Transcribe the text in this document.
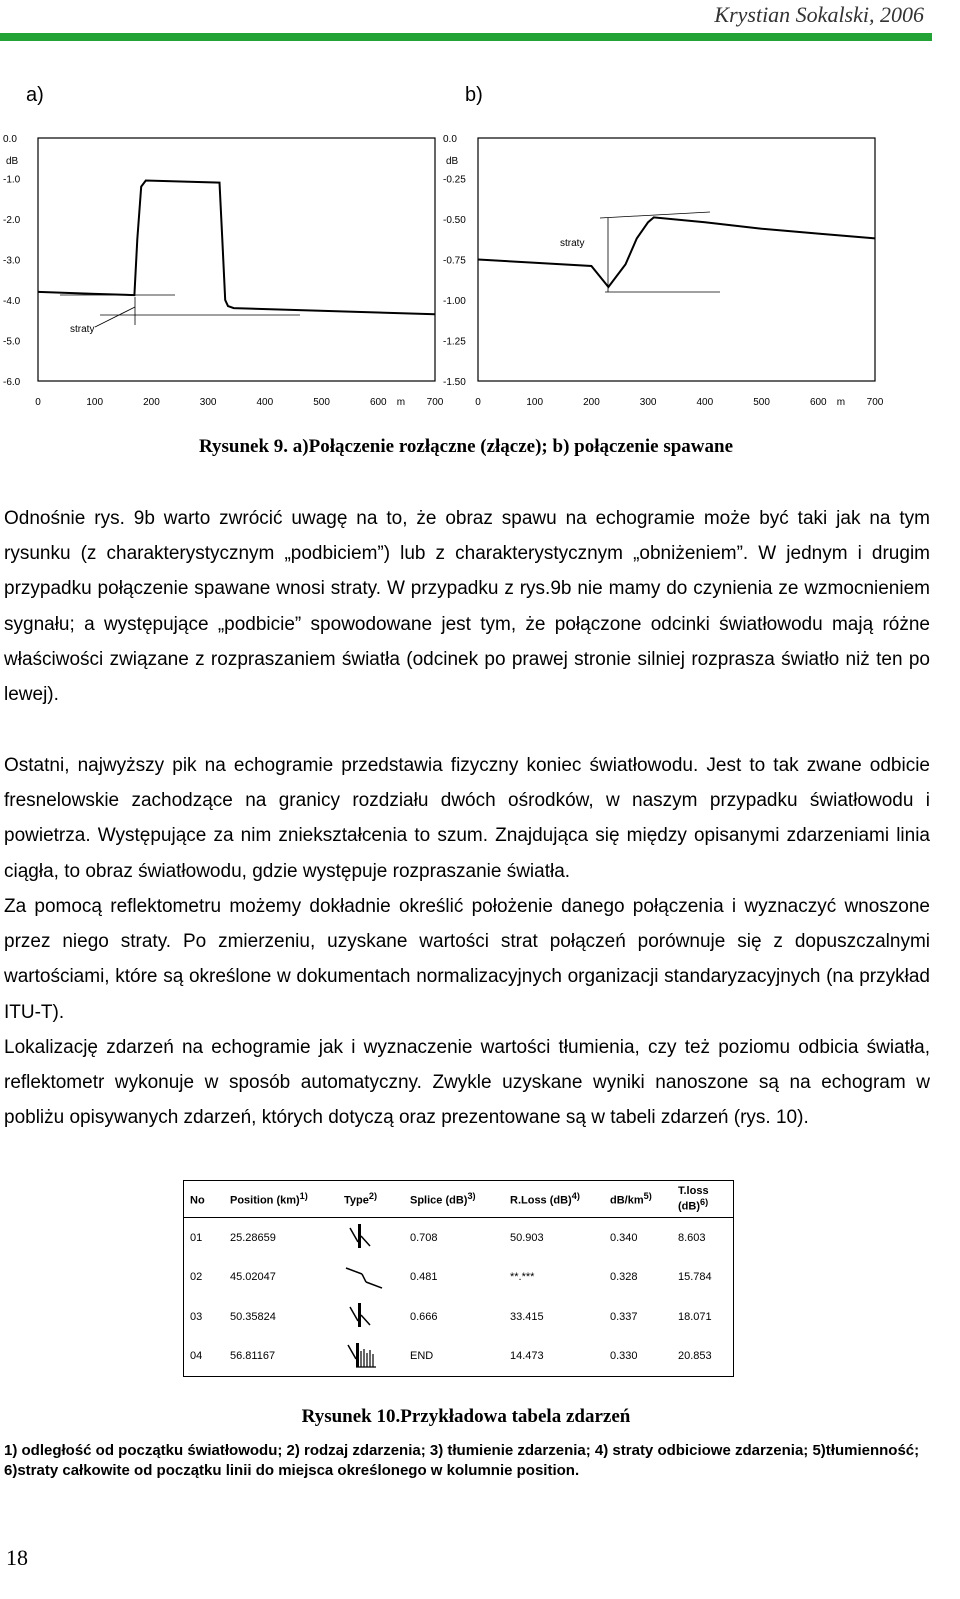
Krystian Sokalski, 2006
a)	b)
0.0
-1.0
-2.0
-3.0
-4.0
-5.0
-6.0
dB
0	100	200	300	400	500	600	700
m
straty
0.0
-0.25
-0.50
-0.75
-1.00
-1.25
-1.50
dB
0	100	200	300	400	500	600	700
m
straty
Rysunek 9. a)Połączenie rozłączne (złącze); b) połączenie spawane

Odnośnie rys. 9b warto zwrócić uwagę na to, że obraz spawu na echogramie może być taki jak na tym rysunku (z charakterystycznym „podbiciem”) lub z charakterystycznym „obniżeniem”. W jednym i drugim przypadku połączenie spawane wnosi straty. W przypadku z rys.9b nie mamy do czynienia ze wzmocnieniem sygnału; a występujące „podbicie” spowodowane jest tym, że połączone odcinki światłowodu mają różne właściwości związane z rozpraszaniem światła (odcinek po prawej stronie silniej rozprasza światło niż ten po lewej).

Ostatni, najwyższy pik na echogramie przedstawia fizyczny koniec światłowodu. Jest to tak zwane odbicie fresnelowskie zachodzące na granicy rozdziału dwóch ośrodków, w naszym przypadku światłowodu i powietrza. Występujące za nim zniekształcenia to szum. Znajdująca się między opisanymi zdarzeniami linia ciągła, to obraz światłowodu, gdzie występuje rozpraszanie światła.

Za pomocą reflektometru możemy dokładnie określić położenie danego połączenia i wyznaczyć wnoszone przez niego straty. Po zmierzeniu, uzyskane wartości strat połączeń porównuje się z dopuszczalnymi wartościami, które są określone w dokumentach normalizacyjnych organizacji standaryzacyjnych (na przykład ITU-T).

Lokalizację zdarzeń na echogramie jak i wyznaczenie wartości tłumienia, czy też poziomu odbicia światła, reflektometr wykonuje w sposób automatyczny. Zwykle uzyskane wyniki nanoszone są na echogram w pobliżu opisywanych zdarzeń, których dotyczą oraz prezentowane są w tabeli zdarzeń (rys. 10).

No	Position (km)$^{1)}$	Type$^{2)}$	Splice (dB)$^{3)}$	R.Loss (dB)$^{4)}$	$dB/km^{5)}$	T.loss (dB)$^{6)}$
01	25.28659		0.708	50.903	0.340	8.603
02	45.02047		0.481	**.***	0.328	15.784
03	50.35824		0.666	33.415	0.337	18.071
04	56.81167		END	14.473	0.330	20.853
Rysunek 10.Przykładowa tabela zdarzeń

1) odległość od początku światłowodu; 2) rodzaj zdarzenia; 3) tłumienie zdarzenia; 4) straty odbiciowe zdarzenia; 5)tłumienność; 6)straty całkowite od początku linii do miejsca określonego w kolumnie position.

18
